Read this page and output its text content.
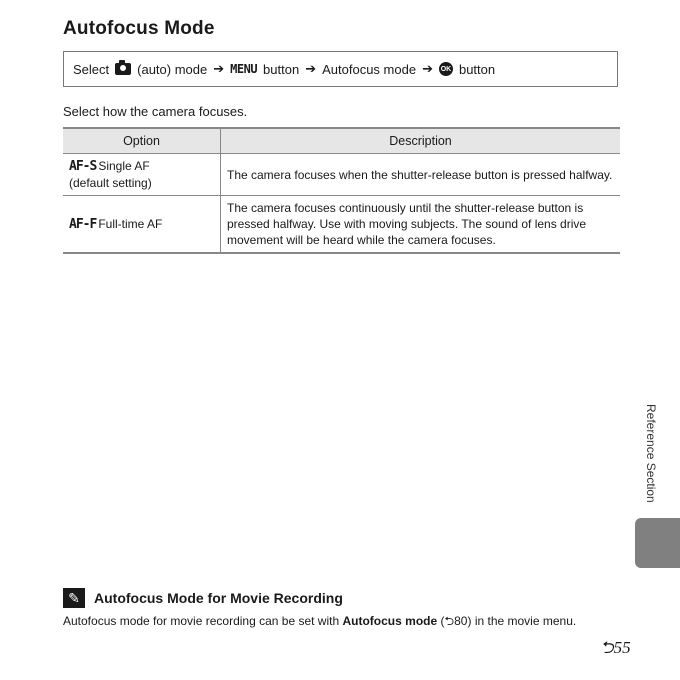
Autofocus Mode
Select (auto) mode ➔ MENU button ➔ Autofocus mode ➔ OK button
Select how the camera focuses.
Option	Description
AF-S Single AF
(default setting)	The camera focuses when the shutter-release button is pressed halfway.
AF-F Full-time AF	The camera focuses continuously until the shutter-release button is pressed halfway. Use with moving subjects. The sound of lens drive movement will be heard while the camera focuses.
Reference Section
✎	Autofocus Mode for Movie Recording
Autofocus mode for movie recording can be set with Autofocus mode (⮌80) in the movie menu.
⮌55
